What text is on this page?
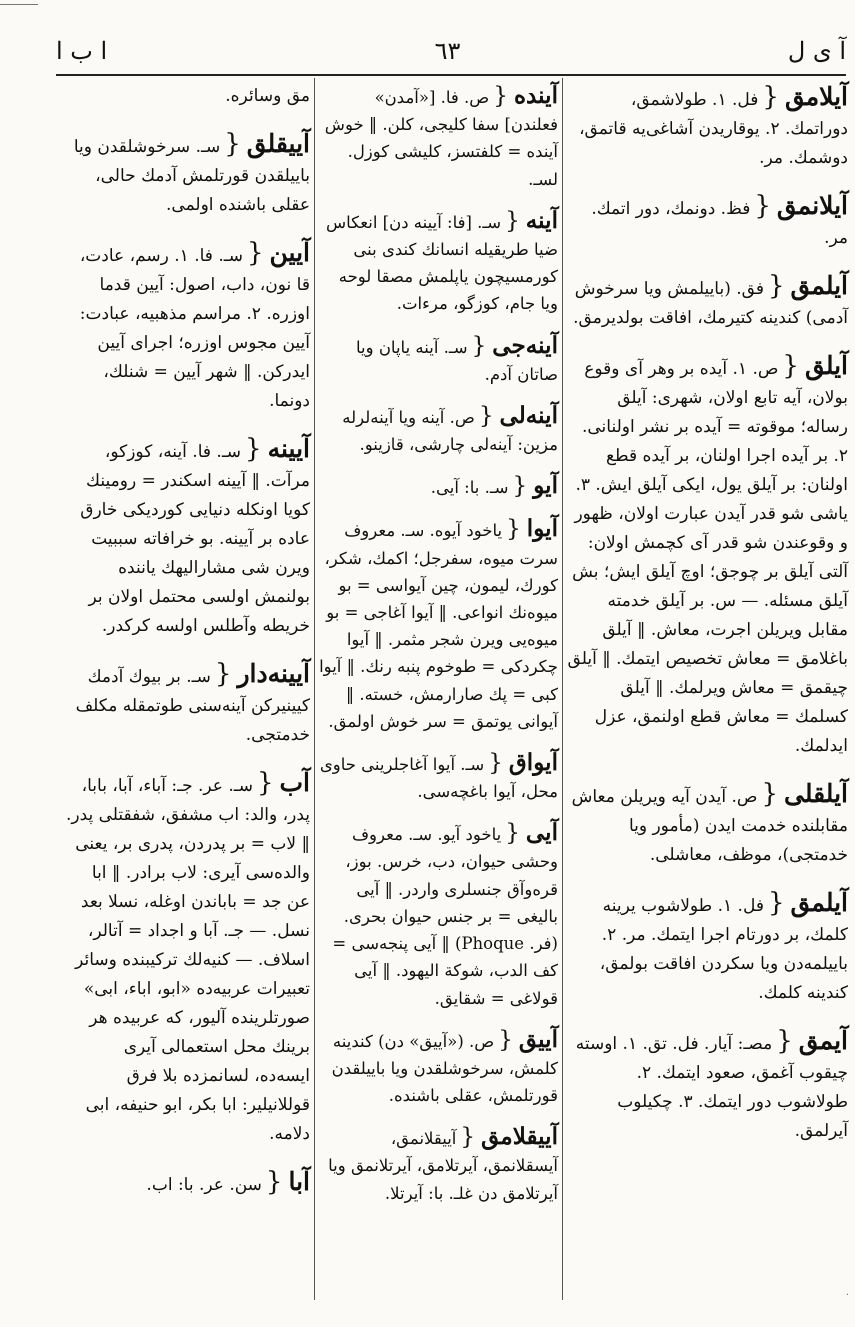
ا ب ا	٦٣	آ ی ل
آیلامق{فل. ١. طولاشمق، دوراتمك. ٢. یوقاریدن آشاغی‌یه قاتمق، دوشمك. مر.
آیلانمق{فظ. دونمك، دور اتمك. مر.
آیلمق{فق. (باییلمش ویا سرخوش آدمی) کندینه کتیرمك، افاقت بولدیرمق.
آیلق{ص. ١. آیده بر وهر آی وقوع بولان، آیه تابع اولان، شهری: آیلق رساله؛ موقوته = آیده بر نشر اولنانی. ٢. بر آیده اجرا اولنان، بر آیده قطع اولنان: بر آیلق یول، ایکی آیلق ایش. ٣. یاشی شو قدر آیدن عبارت اولان، ظهور و وقوعندن شو قدر آی کچمش اولان: آلتی آیلق بر چوجق؛ اوچ آیلق ایش؛ بش آیلق مسئله. — س. بر آیلق خدمته مقابل ویریلن اجرت، معاش. ‖ آیلق باغلامق = معاش تخصیص ایتمك. ‖ آیلق چیقمق = معاش ویرلمك. ‖ آیلق کسلمك = معاش قطع اولنمق، عزل ایدلمك.
آیلقلی{ص. آیدن آیه ویریلن معاش مقابلنده خدمت ایدن (مأمور ویا خدمتجی)، موظف، معاشلی.
آیلمق{فل. ١. طولاشوب یرینه کلمك، بر دورتام اجرا ایتمك. مر. ٢. باییلمه‌دن ویا سکردن افاقت بولمق، کندینه کلمك.
آیمق{مصـ: آیار. فل. تق. ١. اوسته چیقوب آغمق، صعود ایتمك. ٢. طولاشوب دور ایتمك. ٣. چکیلوب آیرلمق.
آینده{ص. فا. [«آمدن» فعلندن] سفا کلیجی، کلن. ‖ خوش آینده = کلفتسز، کلیشی کوزل. لسـ.
آینه{سـ. [فا: آیینه دن] انعکاس ضیا طریقیله انسانك کندی بنی کورمسیچون یاپلمش مصقا لوحه ویا جام، کوزگو، مرءات.
آینه‌جی{سـ. آینه یاپان ویا صاتان آدم.
آینه‌لی{ص. آینه ویا آینه‌لرله مزین: آینه‌لی چارشی، قازینو.
آیو{سـ. با: آیی.
آیوا{یاخود آیوه. سـ. معروف سرت میوه، سفرجل؛ اکمك، شکر، کورك، لیمون، چین آیواسی = بو میوه‌نك انواعی. ‖ آیوا آغاجی = بو میوه‌یی ویرن شجر مثمر. ‖ آیوا چکردکی = طوخوم پنبه رنك. ‖ آیوا کبی = پك صارارمش، خسته. ‖ آیوانی یوتمق = سر خوش اولمق.
آیواق{سـ. آیوا آغاجلرینی حاوی محل، آیوا باغچه‌سی.
آیی{یاخود آیو. سـ. معروف وحشی حیوان، دب، خرس. بوز، قره‌وآق جنسلری واردر. ‖ آیی بالیغی = بر جنس حیوان بحری. (فر. Phoque) ‖ آیی پنجه‌سی = کف الدب، شوکة الیهود. ‖ آیی قولاغی = شقایق.
آییق{ص. («آییق» دن) کندینه کلمش، سرخوشلقدن ویا باییلقدن قورتلمش، عقلی باشنده.
آییقلامق{آییقلانمق، آیسقلانمق، آیرتلامق، آیرتلانمق ویا آیرتلامق دن غلـ. با: آیرتلا.
مق وسائره.
آییقلق{سـ. سرخوشلقدن ویا باییلقدن قورتلمش آدمك حالی، عقلی باشنده اولمی.
آیین{سـ. فا. ١. رسم، عادت، قا نون، داب، اصول: آیین قدما اوزره. ٢. مراسم مذهبیه، عبادت: آیین مجوس اوزره؛ اجرای آیین ایدرکن. ‖ شهر آیین = شنلك، دونما.
آیینه{سـ. فا. آینه، کوزکو، مرآت. ‖ آیینه اسکندر = رومینك کویا اونکله دنیایی کوردیکی خارق عاده بر آیینه. بو خرافاته سببیت ویرن شی مشارالیهك یاننده بولنمش اولسی محتمل اولان بر خریطه وآطلس اولسه کرکدر.
آیینه‌دار{سـ. بر بیوك آدمك کیینیرکن آینه‌سنی طوتمقله مکلف خدمتجی.
آب{سـ. عر. جـ: آباء، آبا، بابا، پدر، والد: اب مشفق، شفقتلی پدر. ‖ لاب = بر پدردن، پدری بر، یعنی والده‌سی آیری: لاب برادر. ‖ ابا عن جد = باباندن اوغله، نسلا بعد نسل. — جـ. آبا و اجداد = آتالر، اسلاف. — کنیه‌لك ترکیبنده وسائر تعبیرات عربیه‌ده «ابو، اباء، ابی» صورتلرینده آلیور، که عربیده هر برینك محل استعمالی آیری ایسه‌ده، لسانمزده بلا فرق قوللانیلیر: ابا بکر، ابو حنیفه، ابی دلامه.
آبا{سن. عر. با: اب.
·
